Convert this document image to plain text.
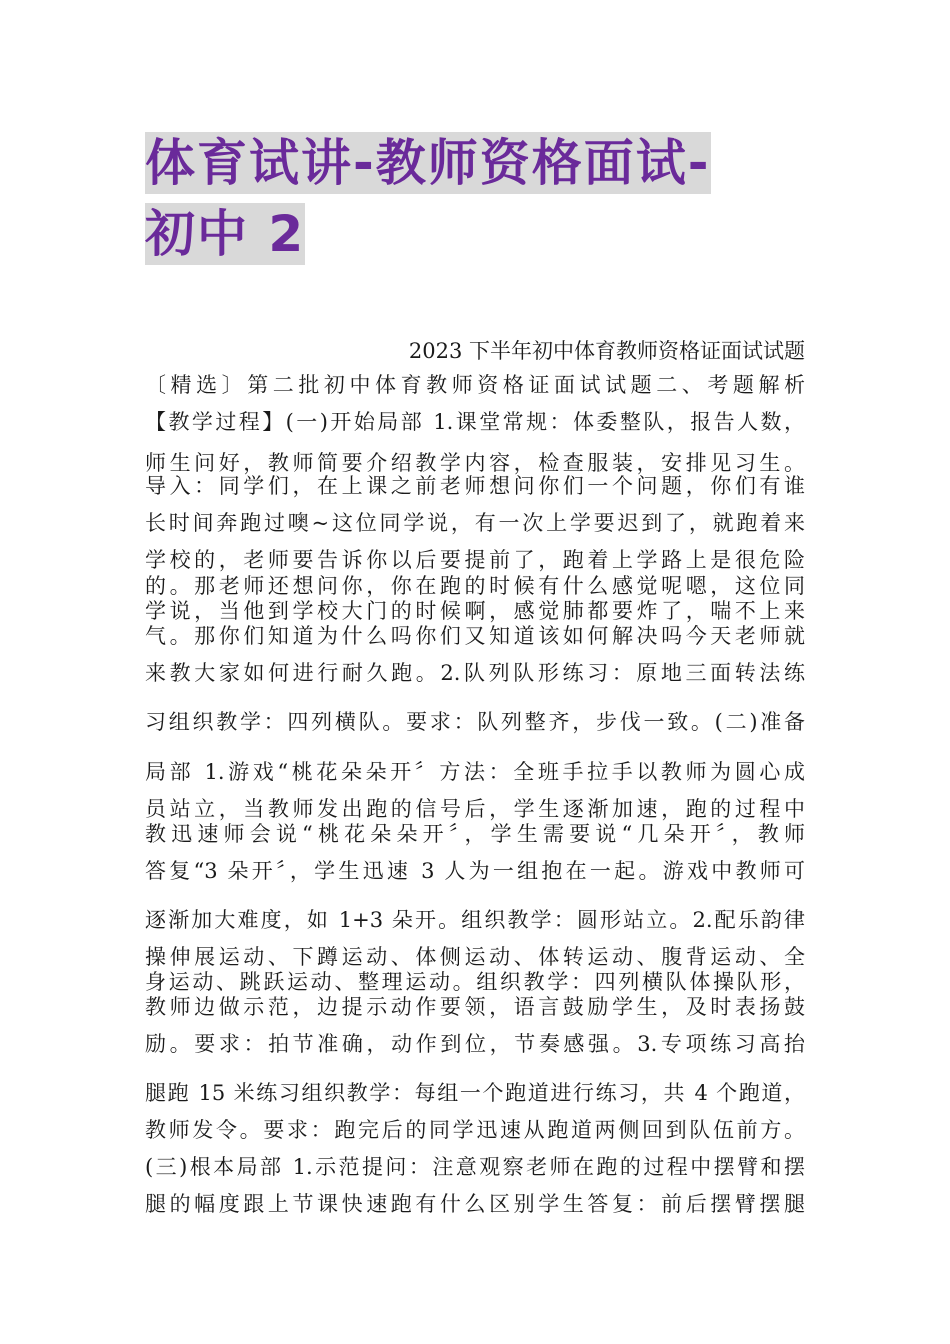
体育试讲-教师资格面试-
初中 2
2023 下半年初中体育教师资格证面试试题
〔精选〕第二批初中体育教师资格证面试试题二、考题解析
【教学过程】(一)开始局部 1.课堂常规：体委整队，报告人数，
师生问好，教师简要介绍教学内容，检查服装，安排见习生。
导入：同学们，在上课之前老师想问你们一个问题，你们有谁
长时间奔跑过噢~这位同学说，有一次上学要迟到了，就跑着来
学校的，老师要告诉你以后要提前了，跑着上学路上是很危险
的。那老师还想问你，你在跑的时候有什么感觉呢嗯，这位同
学说，当他到学校大门的时候啊，感觉肺都要炸了，喘不上来
气。那你们知道为什么吗你们又知道该如何解决吗今天老师就
来教大家如何进行耐久跑。2.队列队形练习：原地三面转法练
习组织教学：四列横队。要求：队列整齐，步伐一致。(二)准备
局部 1.游戏“桃花朵朵开〞方法：全班手拉手以教师为圆心成
员站立，当教师发出跑的信号后，学生逐渐加速，跑的过程中
教迅速师会说“桃花朵朵开〞，学生需要说“几朵开〞，教师
答复“3 朵开〞，学生迅速 3 人为一组抱在一起。游戏中教师可
逐渐加大难度，如 1+3 朵开。组织教学：圆形站立。2.配乐韵律
操伸展运动、下蹲运动、体侧运动、体转运动、腹背运动、全
身运动、跳跃运动、整理运动。组织教学：四列横队体操队形，
教师边做示范，边提示动作要领，语言鼓励学生，及时表扬鼓
励。要求：拍节准确，动作到位，节奏感强。3.专项练习高抬
腿跑 15 米练习组织教学：每组一个跑道进行练习，共 4 个跑道，
教师发令。要求：跑完后的同学迅速从跑道两侧回到队伍前方。
(三)根本局部 1.示范提问：注意观察老师在跑的过程中摆臂和摆
腿的幅度跟上节课快速跑有什么区别学生答复：前后摆臂摆腿
